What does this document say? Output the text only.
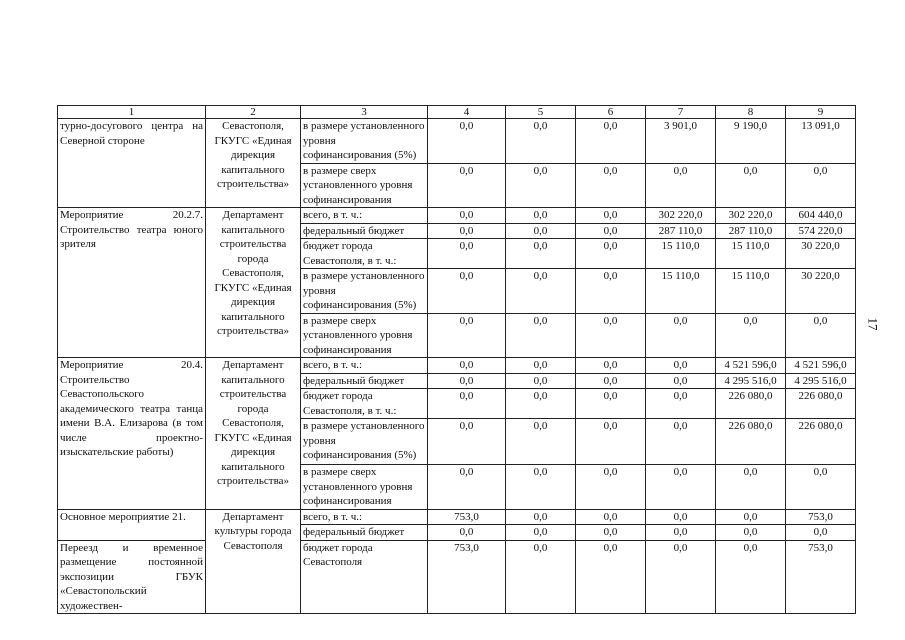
17
1	2	3	4	5	6	7	8	9
турно-досугового центра на Северной стороне	Севастополя, ГКУГС «Единая дирекция капитального строительства»	в размере установленного уровня софинансирования (5%)	0,0	0,0	0,0	3 901,0	9 190,0	13 091,0
		в размере сверх установленного уровня софинансирования	0,0	0,0	0,0	0,0	0,0	0,0
Мероприятие 20.2.7. Строительство театра юного зрителя	Департамент капитального строительства города Севастополя, ГКУГС «Единая дирекция капитального строительства»	всего, в т. ч.:	0,0	0,0	0,0	302 220,0	302 220,0	604 440,0
		федеральный бюджет	0,0	0,0	0,0	287 110,0	287 110,0	574 220,0
		бюджет города Севастополя, в т. ч.:	0,0	0,0	0,0	15 110,0	15 110,0	30 220,0
		в размере установленного уровня софинансирования (5%)	0,0	0,0	0,0	15 110,0	15 110,0	30 220,0
		в размере сверх установленного уровня софинансирования	0,0	0,0	0,0	0,0	0,0	0,0
Мероприятие 20.4. Строительство Севастопольского академического театра танца имени В.А. Елизарова (в том числе проектно-изыскательские работы)	Департамент капитального строительства города Севастополя, ГКУГС «Единая дирекция капитального строительства»	всего, в т. ч.:	0,0	0,0	0,0	0,0	4 521 596,0	4 521 596,0
		федеральный бюджет	0,0	0,0	0,0	0,0	4 295 516,0	4 295 516,0
		бюджет города Севастополя, в т. ч.:	0,0	0,0	0,0	0,0	226 080,0	226 080,0
		в размере установленного уровня софинансирования (5%)	0,0	0,0	0,0	0,0	226 080,0	226 080,0
		в размере сверх установленного уровня софинансирования	0,0	0,0	0,0	0,0	0,0	0,0
Основное мероприятие 21.	Департамент культуры города Севастополя	всего, в т. ч.:	753,0	0,0	0,0	0,0	0,0	753,0
		федеральный бюджет	0,0	0,0	0,0	0,0	0,0	0,0
Переезд и временное размещение постоянной экспозиции ГБУК «Севастопольский художествен-		бюджет города Севастополя	753,0	0,0	0,0	0,0	0,0	753,0
